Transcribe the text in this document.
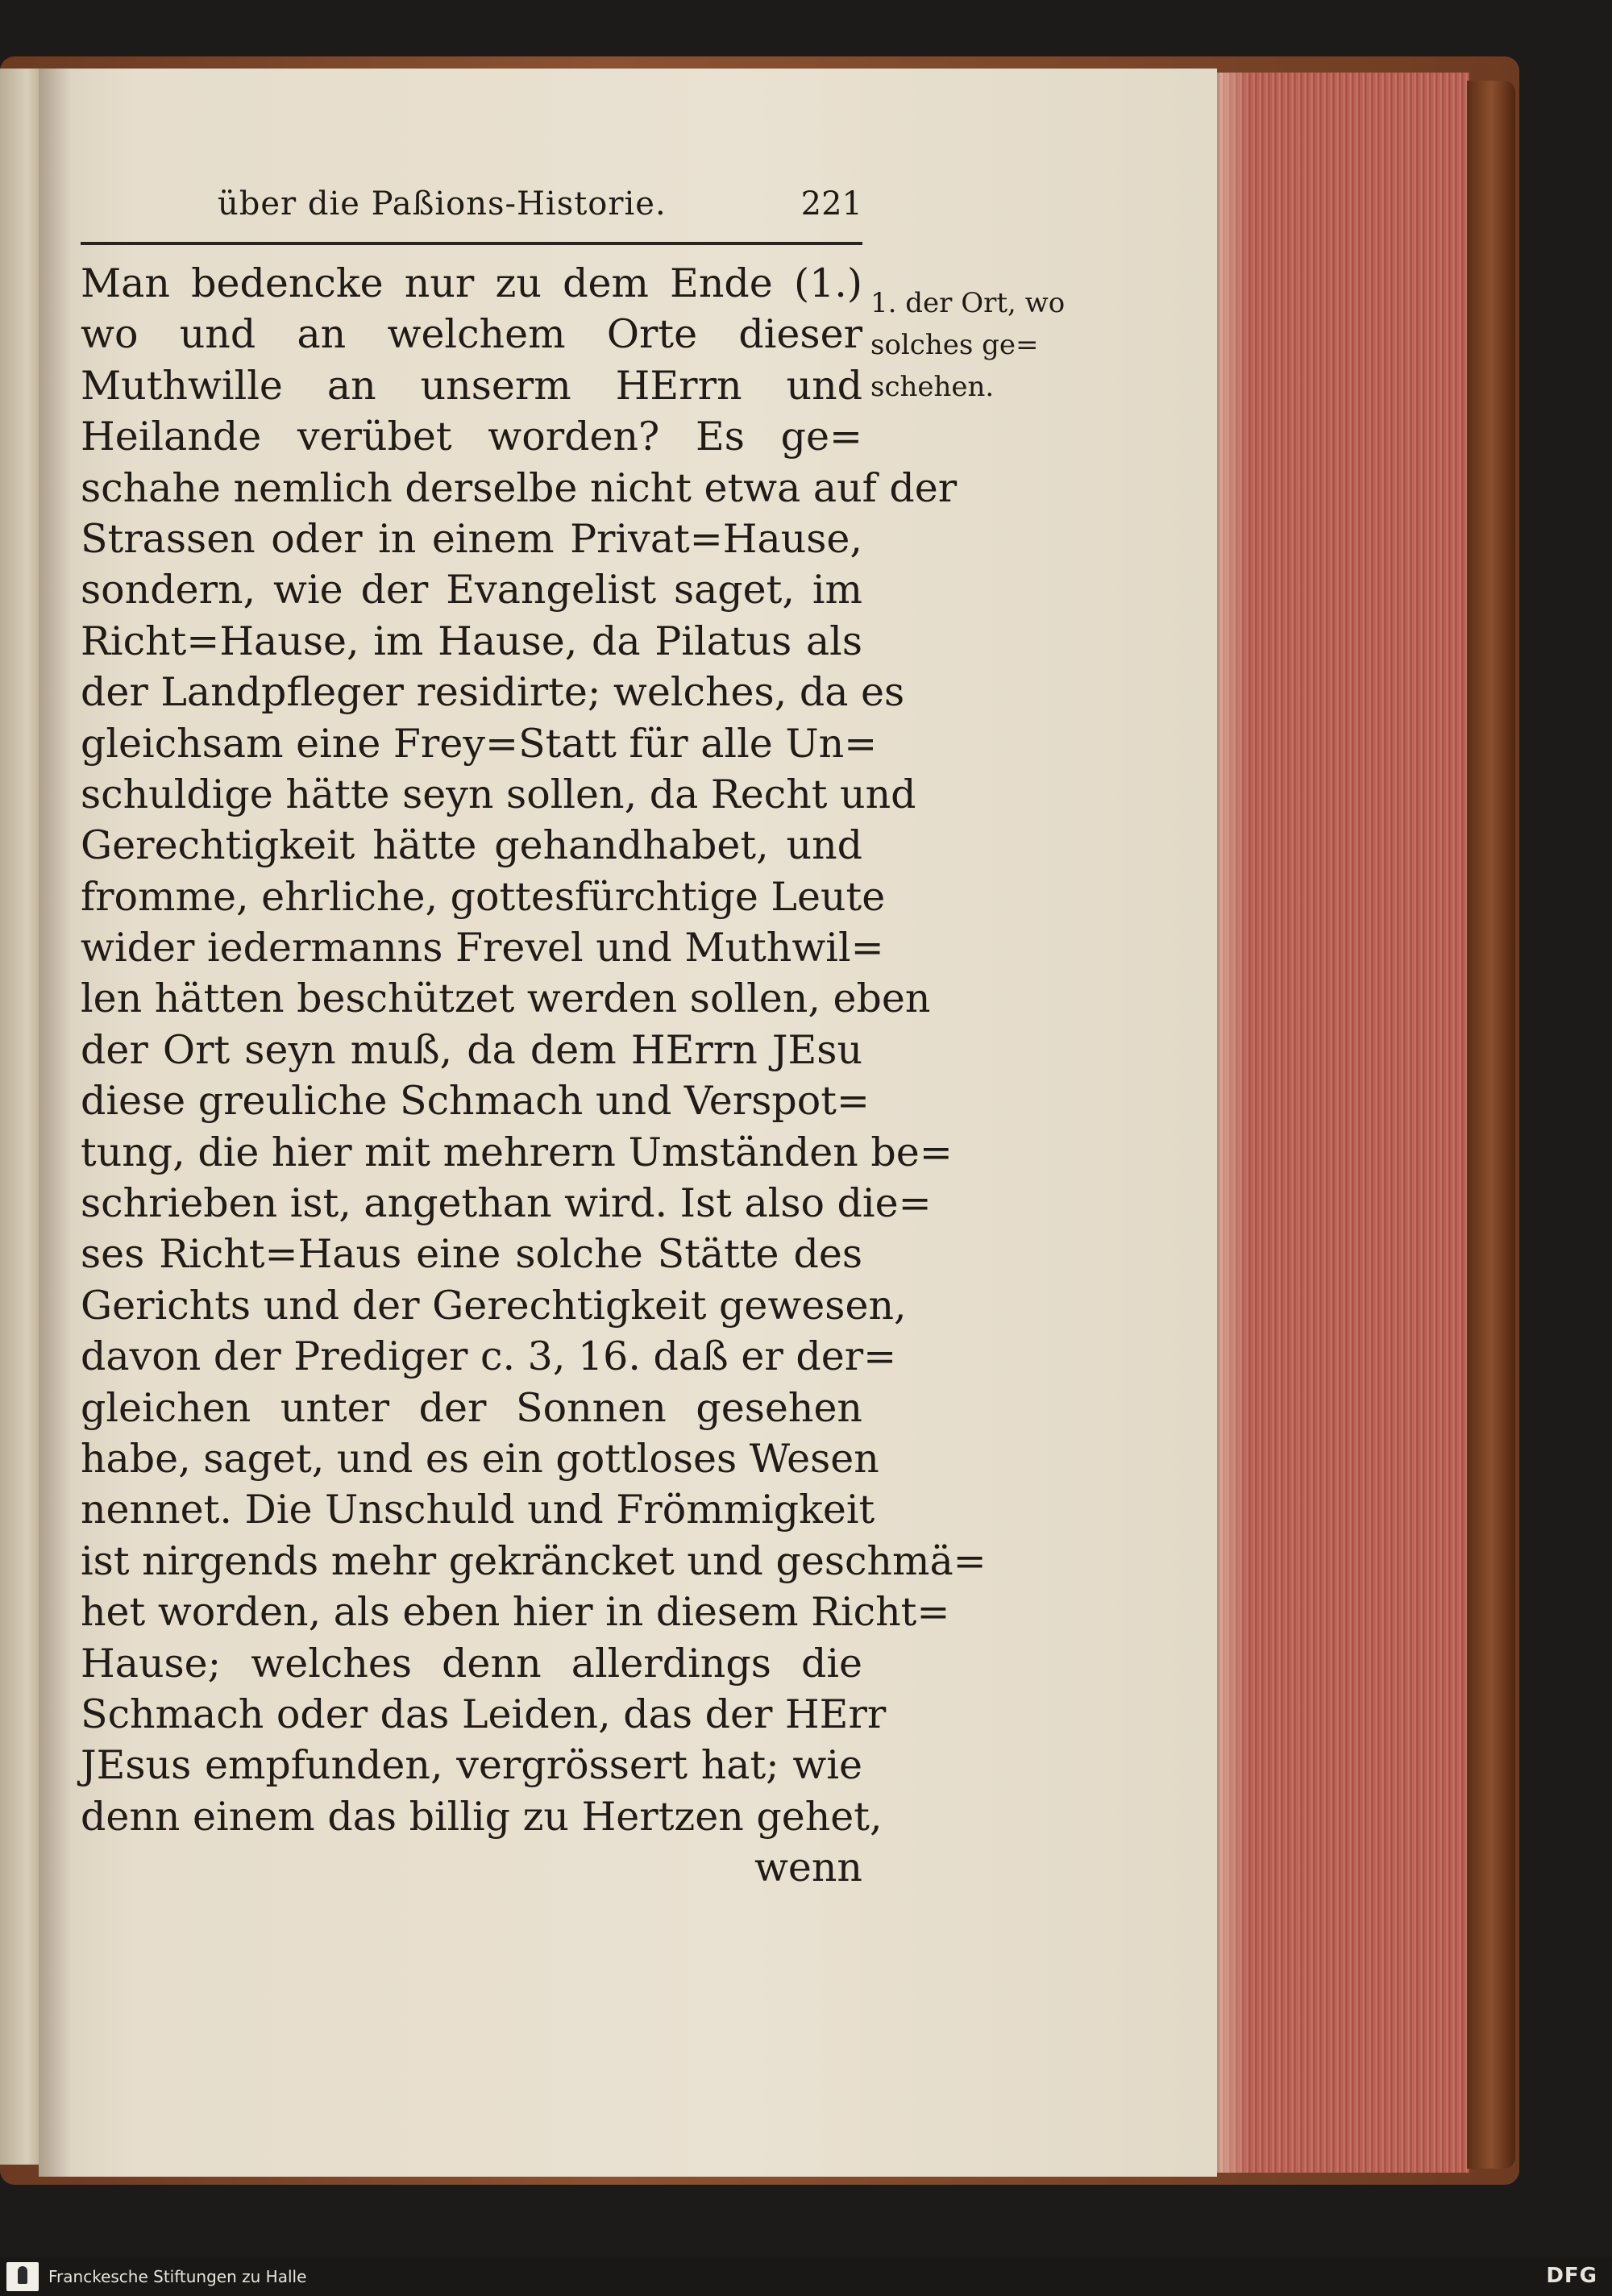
über die Paßions-Historie.	221
Man bedencke nur zu dem Ende (1.)
wo und an welchem Orte dieser
Muthwille an unserm HErrn und
Heilande verübet worden? Es ge=
schahe nemlich derselbe nicht etwa auf der
Strassen oder in einem Privat=Hause,
sondern, wie der Evangelist saget, im
Richt=Hause, im Hause, da Pilatus als
der Landpfleger residirte; welches, da es
gleichsam eine Frey=Statt für alle Un=
schuldige hätte seyn sollen, da Recht und
Gerechtigkeit hätte gehandhabet, und
fromme, ehrliche, gottesfürchtige Leute
wider iedermanns Frevel und Muthwil=
len hätten beschützet werden sollen, eben
der Ort seyn muß, da dem HErrn JEsu
diese greuliche Schmach und Verspot=
tung, die hier mit mehrern Umständen be=
schrieben ist, angethan wird. Ist also die=
ses Richt=Haus eine solche Stätte des
Gerichts und der Gerechtigkeit gewesen,
davon der Prediger c. 3, 16. daß er der=
gleichen unter der Sonnen gesehen
habe, saget, und es ein gottloses Wesen
nennet. Die Unschuld und Frömmigkeit
ist nirgends mehr gekräncket und geschmä=
het worden, als eben hier in diesem Richt=
Hause; welches denn allerdings die
Schmach oder das Leiden, das der HErr
JEsus empfunden, vergrössert hat; wie
denn einem das billig zu Hertzen gehet,
wenn
1. der Ort, wo
solches ge=
schehen.
Franckesche Stiftungen zu Halle	DFG
